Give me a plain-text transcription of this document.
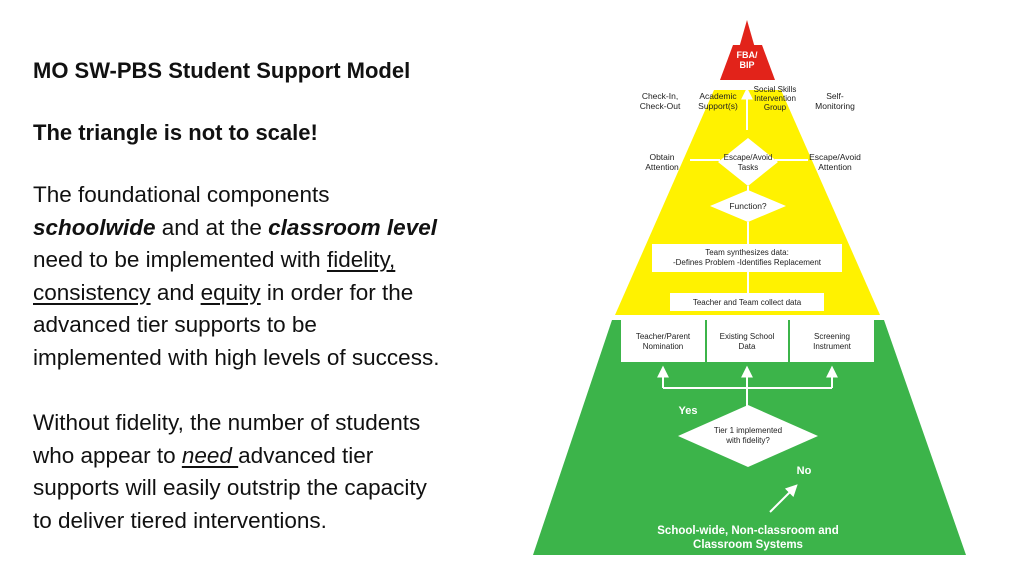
MO SW-PBS Student Support Model

The triangle is not to scale!

The foundational components
schoolwide and at the classroom level
need to be implemented with fidelity,
consistency and equity in order for the
advanced tier supports to be
implemented with high levels of success.

Without fidelity, the number of students
who appear to need advanced tier
supports will easily outstrip the capacity
to deliver tiered interventions.

FBA/ BIP
Check-In, Check-Out
Academic Support(s)
Social Skills Intervention Group
Self-Monitoring
Obtain Attention
Escape/Avoid Tasks
Escape/Avoid Attention
Function?
Team synthesizes data: -Defines Problem -Identifies Replacement
Teacher and Team collect data
Teacher/Parent Nomination
Existing School Data
Screening Instrument
Yes
Tier 1 implemented with fidelity?
No
School-wide, Non-classroom and Classroom Systems
